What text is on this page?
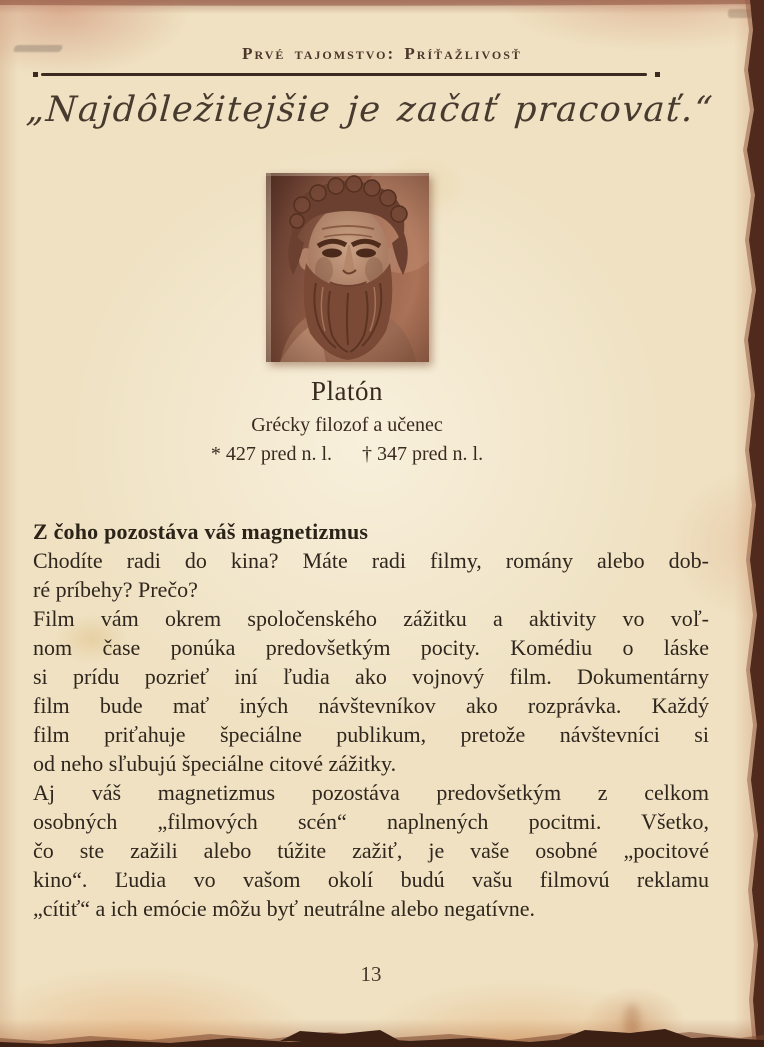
Prvé tajomstvo: Príťažlivosť
„Najdôležitejšie je začať pracovať.“
Platón
Grécky filozof a učenec
* 427 pred n. l. † 347 pred n. l.
Z čoho pozostáva váš magnetizmus
Chodíte radi do kina? Máte radi filmy, romány alebo dob-
ré príbehy? Prečo?
Film vám okrem spoločenského zážitku a aktivity vo voľ-
nom čase ponúka predovšetkým pocity. Komédiu o láske
si prídu pozrieť iní ľudia ako vojnový film. Dokumentárny
film bude mať iných návštevníkov ako rozprávka. Každý
film priťahuje špeciálne publikum, pretože návštevníci si
od neho sľubujú špeciálne citové zážitky.
Aj váš magnetizmus pozostáva predovšetkým z celkom
osobných „filmových scén“ naplnených pocitmi. Všetko,
čo ste zažili alebo túžite zažiť, je vaše osobné „pocitové
kino“. Ľudia vo vašom okolí budú vašu filmovú reklamu
„cítiť“ a ich emócie môžu byť neutrálne alebo negatívne.
13
